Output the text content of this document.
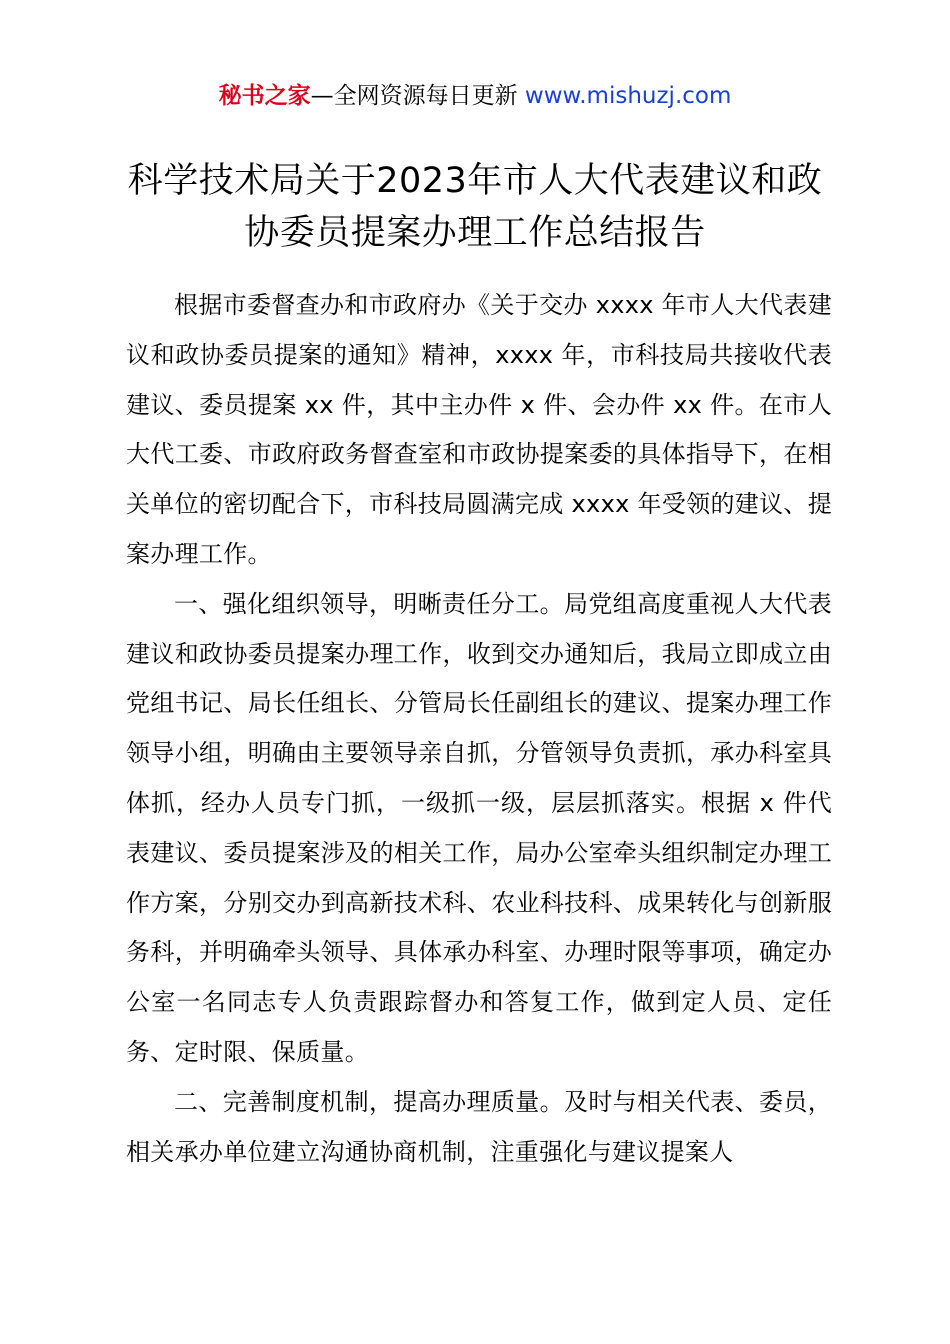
秘书之家—全网资源每日更新 www.mishuzj.com
科学技术局关于2023年市人大代表建议和政
协委员提案办理工作总结报告

根据市委督查办和市政府办《关于交办 xxxx 年市人大代表建议和政协委员提案的通知》精神，xxxx 年，市科技局共接收代表建议、委员提案 xx 件，其中主办件 x 件、会办件 xx 件。在市人大代工委、市政府政务督查室和市政协提案委的具体指导下，在相关单位的密切配合下，市科技局圆满完成 xxxx 年受领的建议、提案办理工作。

一、强化组织领导，明晰责任分工。局党组高度重视人大代表建议和政协委员提案办理工作，收到交办通知后，我局立即成立由党组书记、局长任组长、分管局长任副组长的建议、提案办理工作领导小组，明确由主要领导亲自抓，分管领导负责抓，承办科室具体抓，经办人员专门抓，一级抓一级，层层抓落实。根据 x 件代表建议、委员提案涉及的相关工作，局办公室牵头组织制定办理工作方案，分别交办到高新技术科、农业科技科、成果转化与创新服务科，并明确牵头领导、具体承办科室、办理时限等事项，确定办公室一名同志专人负责跟踪督办和答复工作，做到定人员、定任务、定时限、保质量。

二、完善制度机制，提高办理质量。及时与相关代表、委员，相关承办单位建立沟通协商机制，注重强化与建议提案人
